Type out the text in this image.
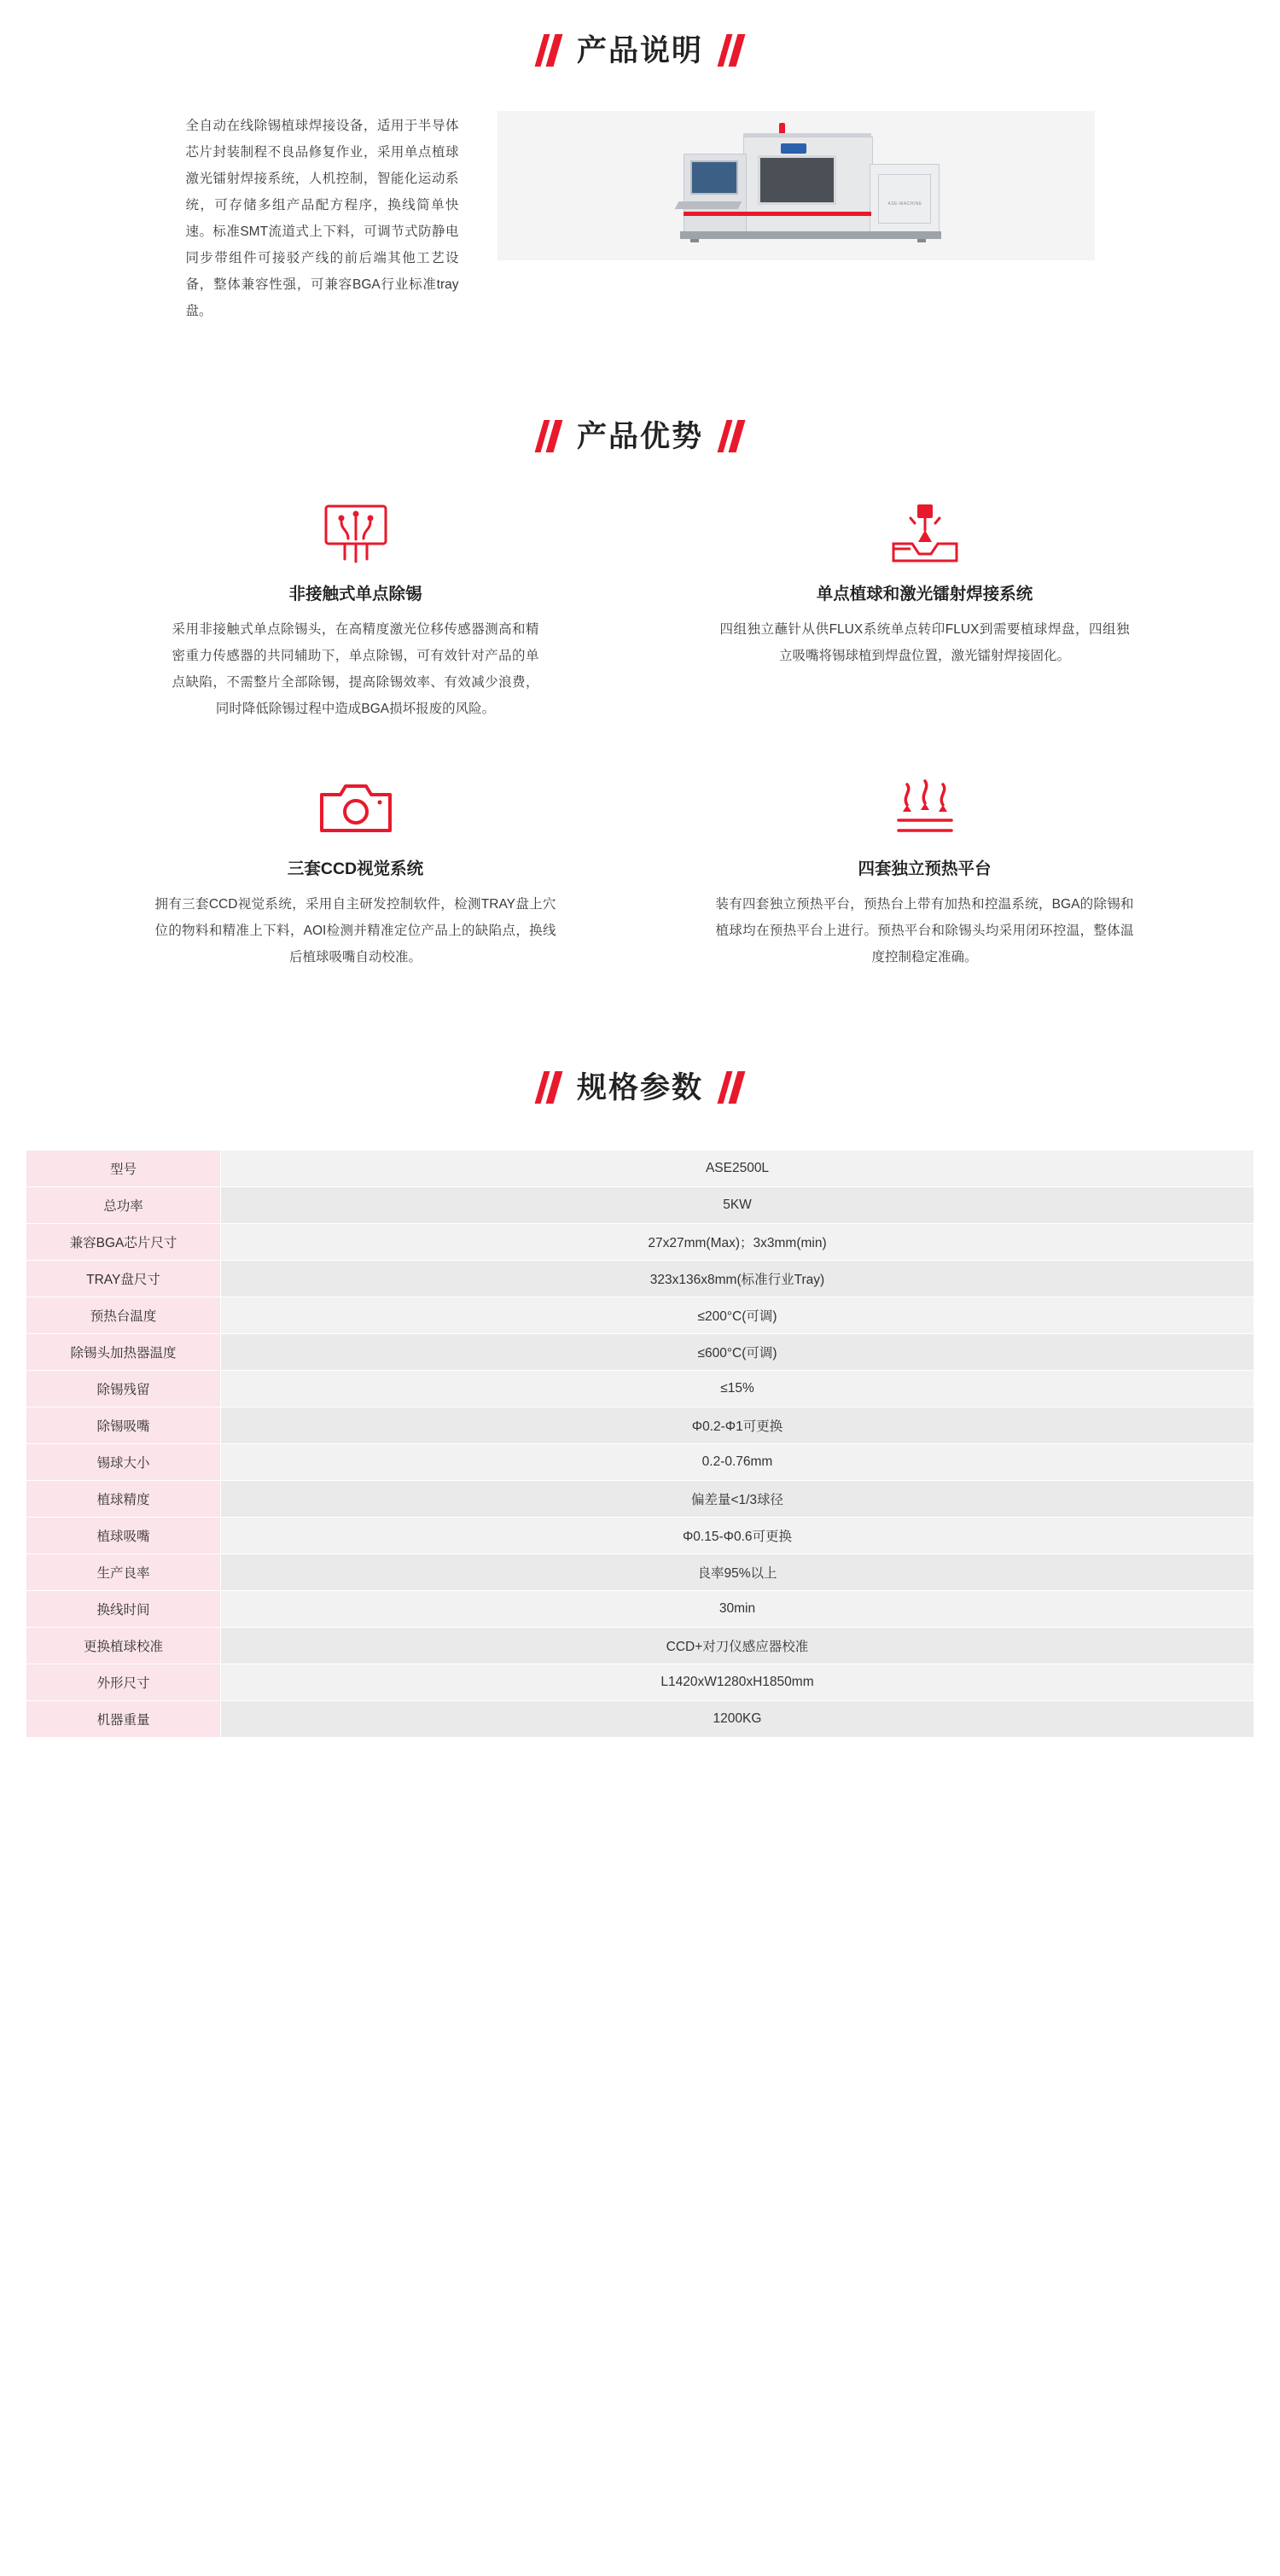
产品说明
全自动在线除锡植球焊接设备，适用于半导体芯片封装制程不良品修复作业，采用单点植球激光镭射焊接系统，人机控制，智能化运动系统，可存储多组产品配方程序，换线简单快速。标准SMT流道式上下料，可调节式防静电同步带组件可接驳产线的前后端其他工艺设备，整体兼容性强，可兼容BGA行业标准tray盘。
ASE-MACHINE
产品优势
非接触式单点除锡
采用非接触式单点除锡头，在高精度激光位移传感器测高和精密重力传感器的共同辅助下，单点除锡，可有效针对产品的单点缺陷，不需整片全部除锡，提高除锡效率、有效减少浪费，同时降低除锡过程中造成BGA损坏报废的风险。
单点植球和激光镭射焊接系统
四组独立蘸针从供FLUX系统单点转印FLUX到需要植球焊盘，四组独立吸嘴将锡球植到焊盘位置，激光镭射焊接固化。
三套CCD视觉系统
拥有三套CCD视觉系统，采用自主研发控制软件，检测TRAY盘上穴位的物料和精准上下料，AOI检测并精准定位产品上的缺陷点，换线后植球吸嘴自动校准。
四套独立预热平台
装有四套独立预热平台，预热台上带有加热和控温系统，BGA的除锡和植球均在预热平台上进行。预热平台和除锡头均采用闭环控温，整体温度控制稳定准确。
规格参数
型号	ASE2500L
总功率	5KW
兼容BGA芯片尺寸	27x27mm(Max)；3x3mm(min)
TRAY盘尺寸	323x136x8mm(标准行业Tray)
预热台温度	≤200°C(可调)
除锡头加热器温度	≤600°C(可调)
除锡残留	≤15%
除锡吸嘴	Φ0.2-Φ1可更换
锡球大小	0.2-0.76mm
植球精度	偏差量<1/3球径
植球吸嘴	Φ0.15-Φ0.6可更换
生产良率	良率95%以上
换线时间	30min
更换植球校准	CCD+对刀仪感应器校准
外形尺寸	L1420xW1280xH1850mm
机器重量	1200KG
